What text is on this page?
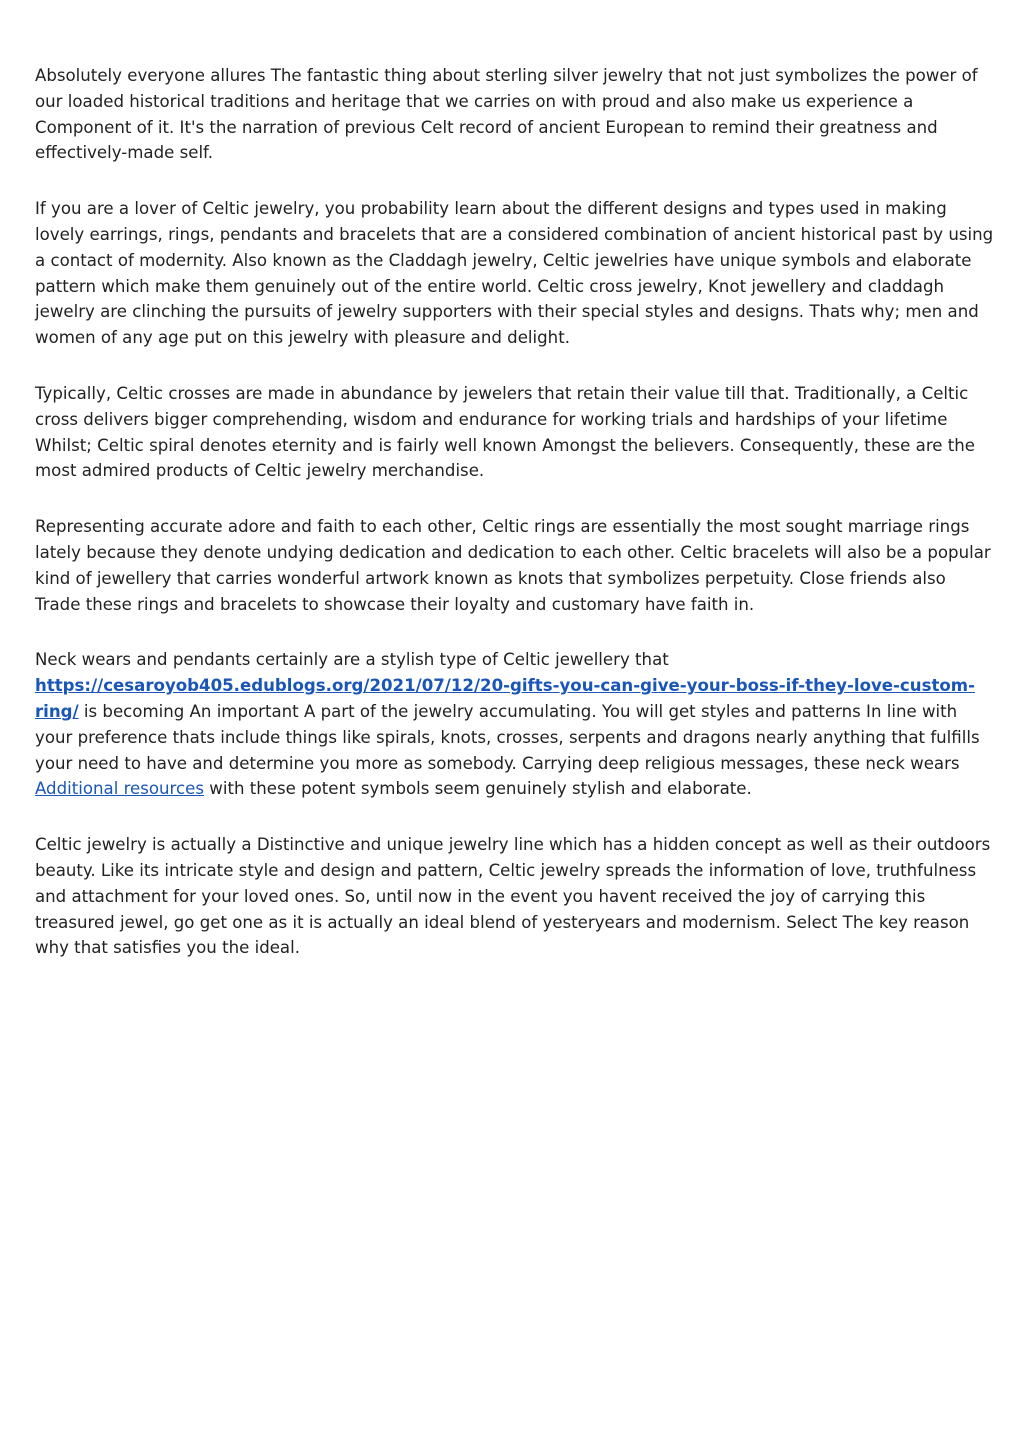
Absolutely everyone allures The fantastic thing about sterling silver jewelry that not just symbolizes the power of our loaded historical traditions and heritage that we carries on with proud and also make us experience a Component of it. It's the narration of previous Celt record of ancient European to remind their greatness and effectively-made self.

If you are a lover of Celtic jewelry, you probability learn about the different designs and types used in making lovely earrings, rings, pendants and bracelets that are a considered combination of ancient historical past by using a contact of modernity. Also known as the Claddagh jewelry, Celtic jewelries have unique symbols and elaborate pattern which make them genuinely out of the entire world. Celtic cross jewelry, Knot jewellery and claddagh jewelry are clinching the pursuits of jewelry supporters with their special styles and designs. Thats why; men and women of any age put on this jewelry with pleasure and delight.

Typically, Celtic crosses are made in abundance by jewelers that retain their value till that. Traditionally, a Celtic cross delivers bigger comprehending, wisdom and endurance for working trials and hardships of your lifetime Whilst; Celtic spiral denotes eternity and is fairly well known Amongst the believers. Consequently, these are the most admired products of Celtic jewelry merchandise.

Representing accurate adore and faith to each other, Celtic rings are essentially the most sought marriage rings lately because they denote undying dedication and dedication to each other. Celtic bracelets will also be a popular kind of jewellery that carries wonderful artwork known as knots that symbolizes perpetuity. Close friends also Trade these rings and bracelets to showcase their loyalty and customary have faith in.

Neck wears and pendants certainly are a stylish type of Celtic jewellery that https://cesaroyob405.edublogs.org/2021/07/12/20-gifts-you-can-give-your-boss-if-they-love-custom-ring/ is becoming An important A part of the jewelry accumulating. You will get styles and patterns In line with your preference thats include things like spirals, knots, crosses, serpents and dragons nearly anything that fulfills your need to have and determine you more as somebody. Carrying deep religious messages, these neck wears Additional resources with these potent symbols seem genuinely stylish and elaborate.

Celtic jewelry is actually a Distinctive and unique jewelry line which has a hidden concept as well as their outdoors beauty. Like its intricate style and design and pattern, Celtic jewelry spreads the information of love, truthfulness and attachment for your loved ones. So, until now in the event you havent received the joy of carrying this treasured jewel, go get one as it is actually an ideal blend of yesteryears and modernism. Select The key reason why that satisfies you the ideal.
